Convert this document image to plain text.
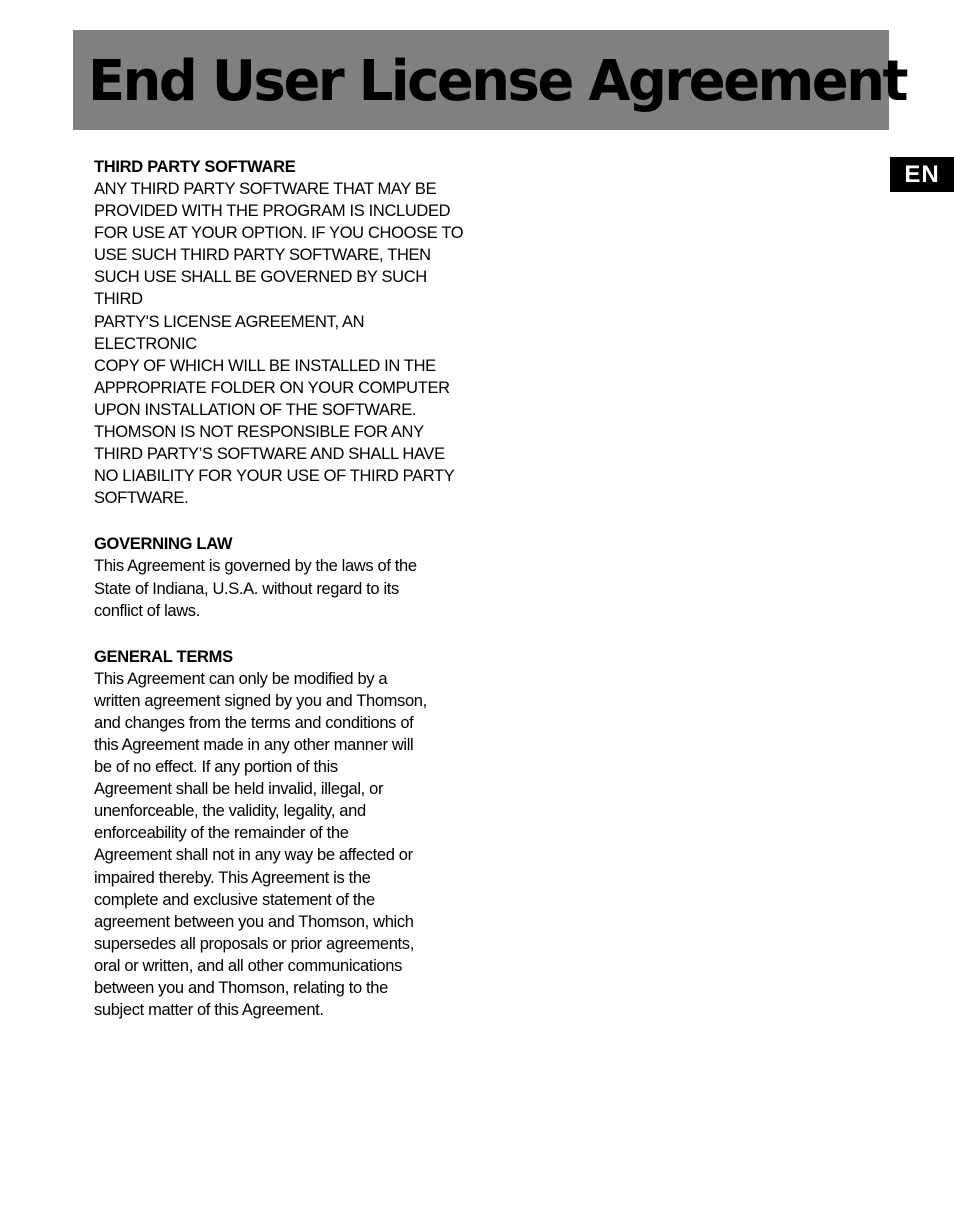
End User License Agreement
EN
THIRD PARTY SOFTWARE

ANY THIRD PARTY SOFTWARE THAT MAY BE
PROVIDED WITH THE PROGRAM IS INCLUDED
FOR USE AT YOUR OPTION. IF YOU CHOOSE TO
USE SUCH THIRD PARTY SOFTWARE, THEN
SUCH USE SHALL BE GOVERNED BY SUCH THIRD
PARTY'S LICENSE AGREEMENT, AN ELECTRONIC
COPY OF WHICH WILL BE INSTALLED IN THE
APPROPRIATE FOLDER ON YOUR COMPUTER
UPON INSTALLATION OF THE SOFTWARE.
THOMSON IS NOT RESPONSIBLE FOR ANY
THIRD PARTY’S SOFTWARE AND SHALL HAVE
NO LIABILITY FOR YOUR USE OF THIRD PARTY
SOFTWARE.

GOVERNING LAW

This Agreement is governed by the laws of the
State of Indiana, U.S.A. without regard to its
conflict of laws.

GENERAL TERMS

This Agreement can only be modified by a
written agreement signed by you and Thomson,
and changes from the terms and conditions of
this Agreement made in any other manner will
be of no effect. If any portion of this
Agreement shall be held invalid, illegal, or
unenforceable, the validity, legality, and
enforceability of the remainder of the
Agreement shall not in any way be affected or
impaired thereby. This Agreement is the
complete and exclusive statement of the
agreement between you and Thomson, which
supersedes all proposals or prior agreements,
oral or written, and all other communications
between you and Thomson, relating to the
subject matter of this Agreement.
